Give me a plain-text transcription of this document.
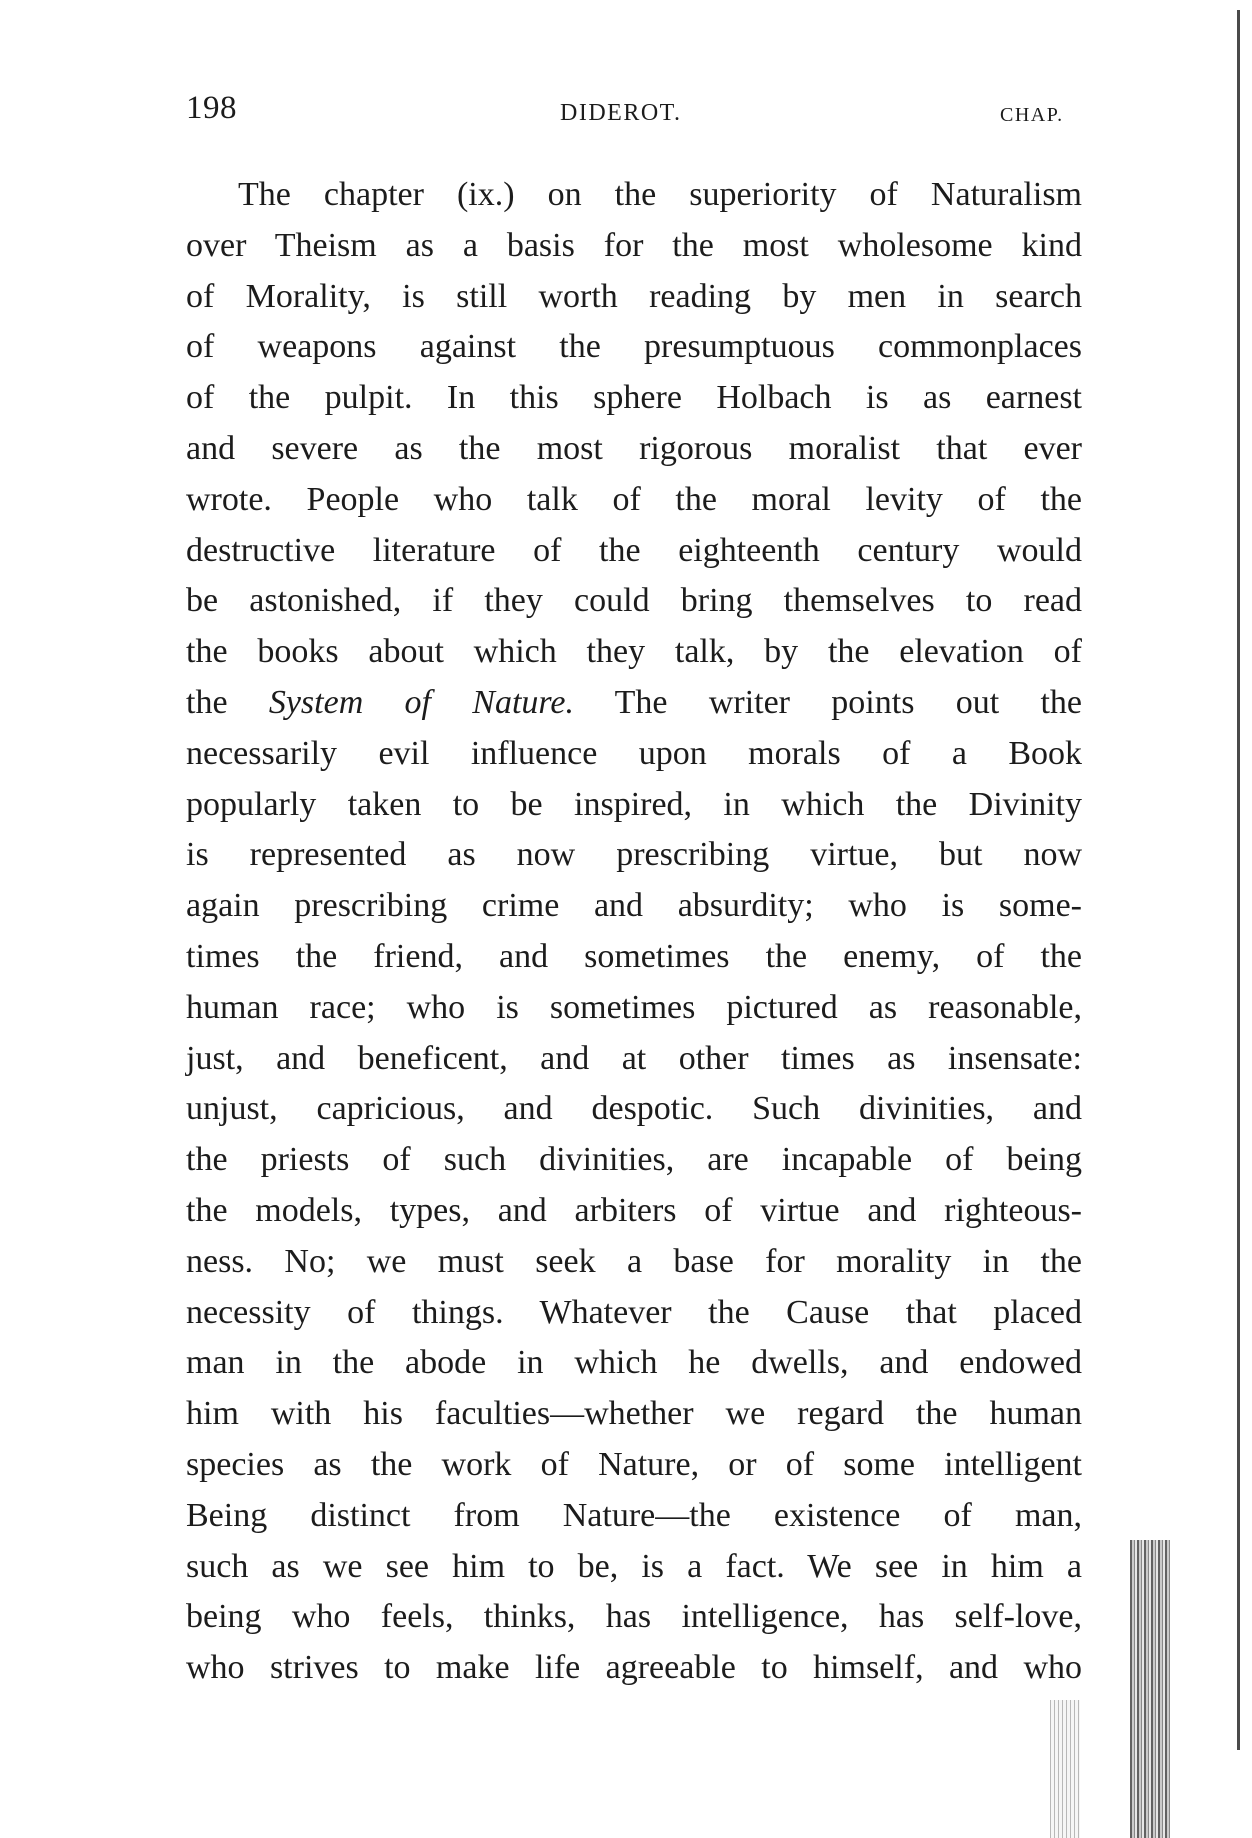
198	DIDEROT.	CHAP.
The chapter (ix.) on the superiority of Naturalism
over Theism as a basis for the most wholesome kind
of Morality, is still worth reading by men in search
of weapons against the presumptuous commonplaces
of the pulpit. In this sphere Holbach is as earnest
and severe as the most rigorous moralist that ever
wrote. People who talk of the moral levity of the
destructive literature of the eighteenth century would
be astonished, if they could bring themselves to read
the books about which they talk, by the elevation of
the System of Nature. The writer points out the
necessarily evil influence upon morals of a Book
popularly taken to be inspired, in which the Divinity
is represented as now prescribing virtue, but now
again prescribing crime and absurdity; who is some-
times the friend, and sometimes the enemy, of the
human race; who is sometimes pictured as reasonable,
just, and beneficent, and at other times as insensate:
unjust, capricious, and despotic. Such divinities, and
the priests of such divinities, are incapable of being
the models, types, and arbiters of virtue and righteous-
ness. No; we must seek a base for morality in the
necessity of things. Whatever the Cause that placed
man in the abode in which he dwells, and endowed
him with his faculties—whether we regard the human
species as the work of Nature, or of some intelligent
Being distinct from Nature—the existence of man,
such as we see him to be, is a fact. We see in him a
being who feels, thinks, has intelligence, has self-love,
who strives to make life agreeable to himself, and who
